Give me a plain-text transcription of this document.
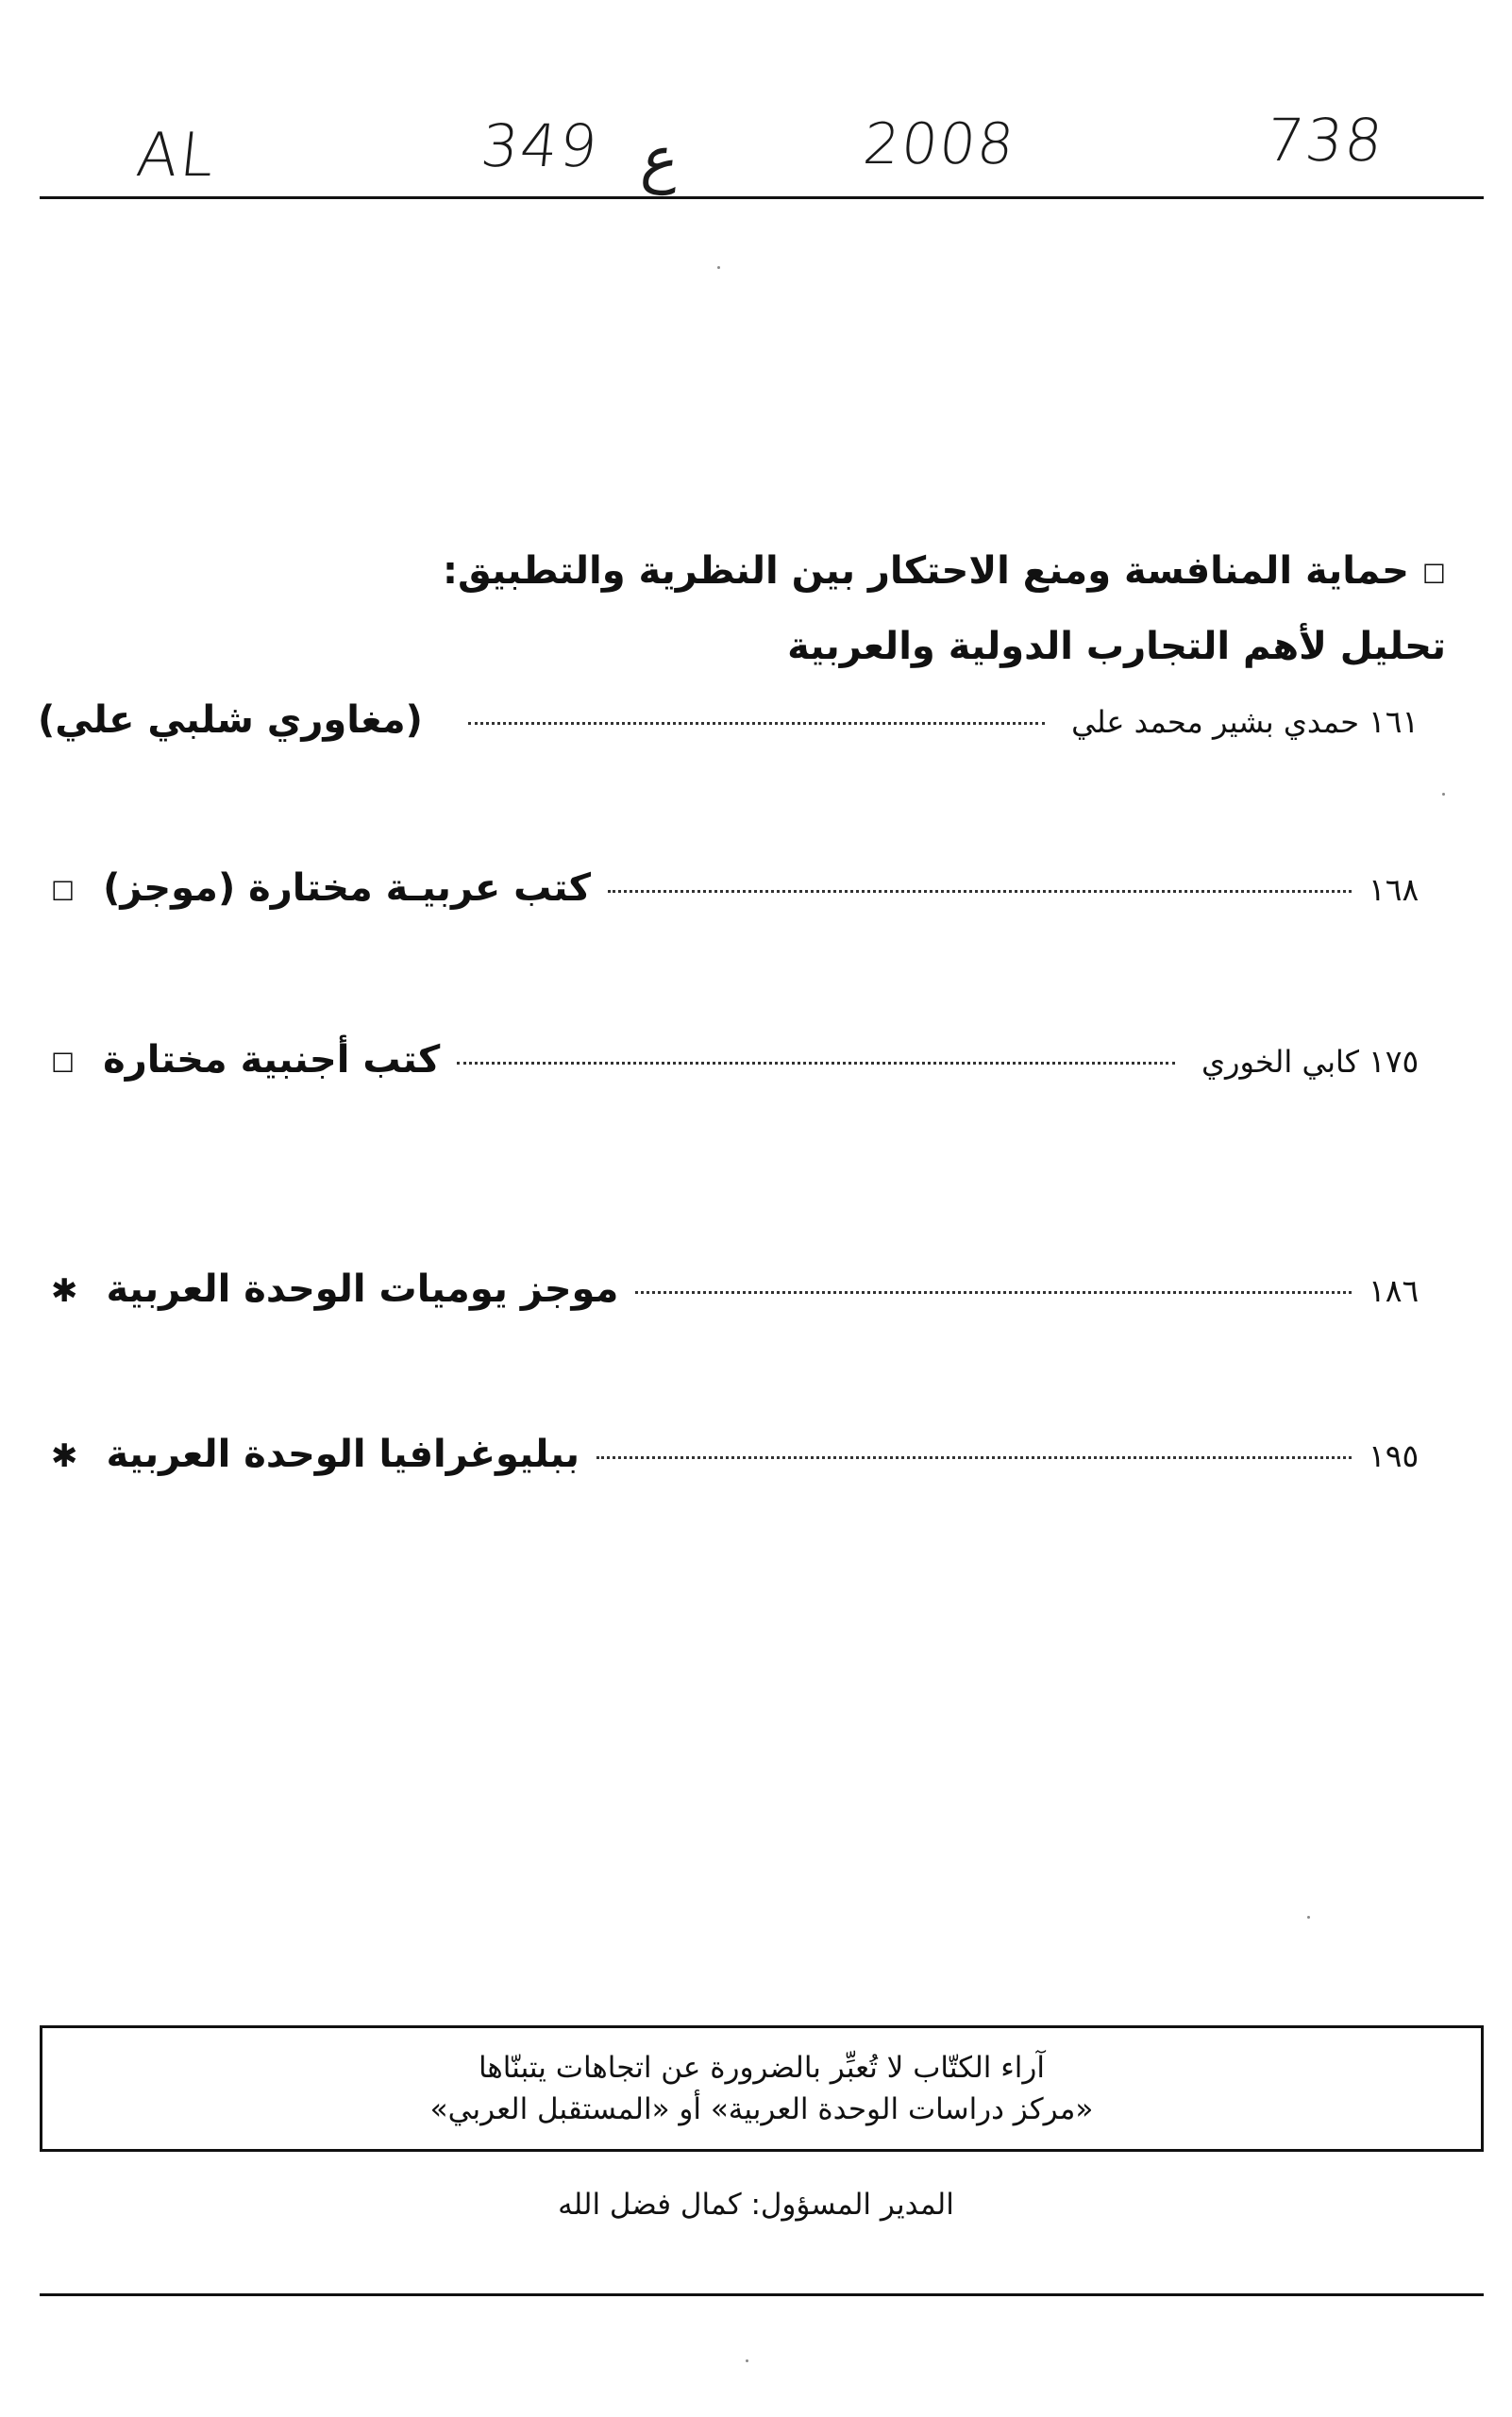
AL	349 ع	2008	738
☐حماية المنافسة ومنع الاحتكار بين النظرية والتطبيق:
تحليل لأهم التجارب الدولية والعربية
(مغاوري شلبي علي)	حمدي بشير محمد علي ١٦١
☐ كتب عربيـة مختارة (موجز)	١٦٨
☐ كتب أجنبية مختارة	كابي الخوري ١٧٥
✱ موجز يوميات الوحدة العربية	١٨٦
✱ ببليوغرافيا الوحدة العربية	١٩٥
آراء الكتّاب لا تُعبِّر بالضرورة عن اتجاهات يتبنّاها
«مركز دراسات الوحدة العربية» أو «المستقبل العربي»
المدير المسؤول: كمال فضل الله
